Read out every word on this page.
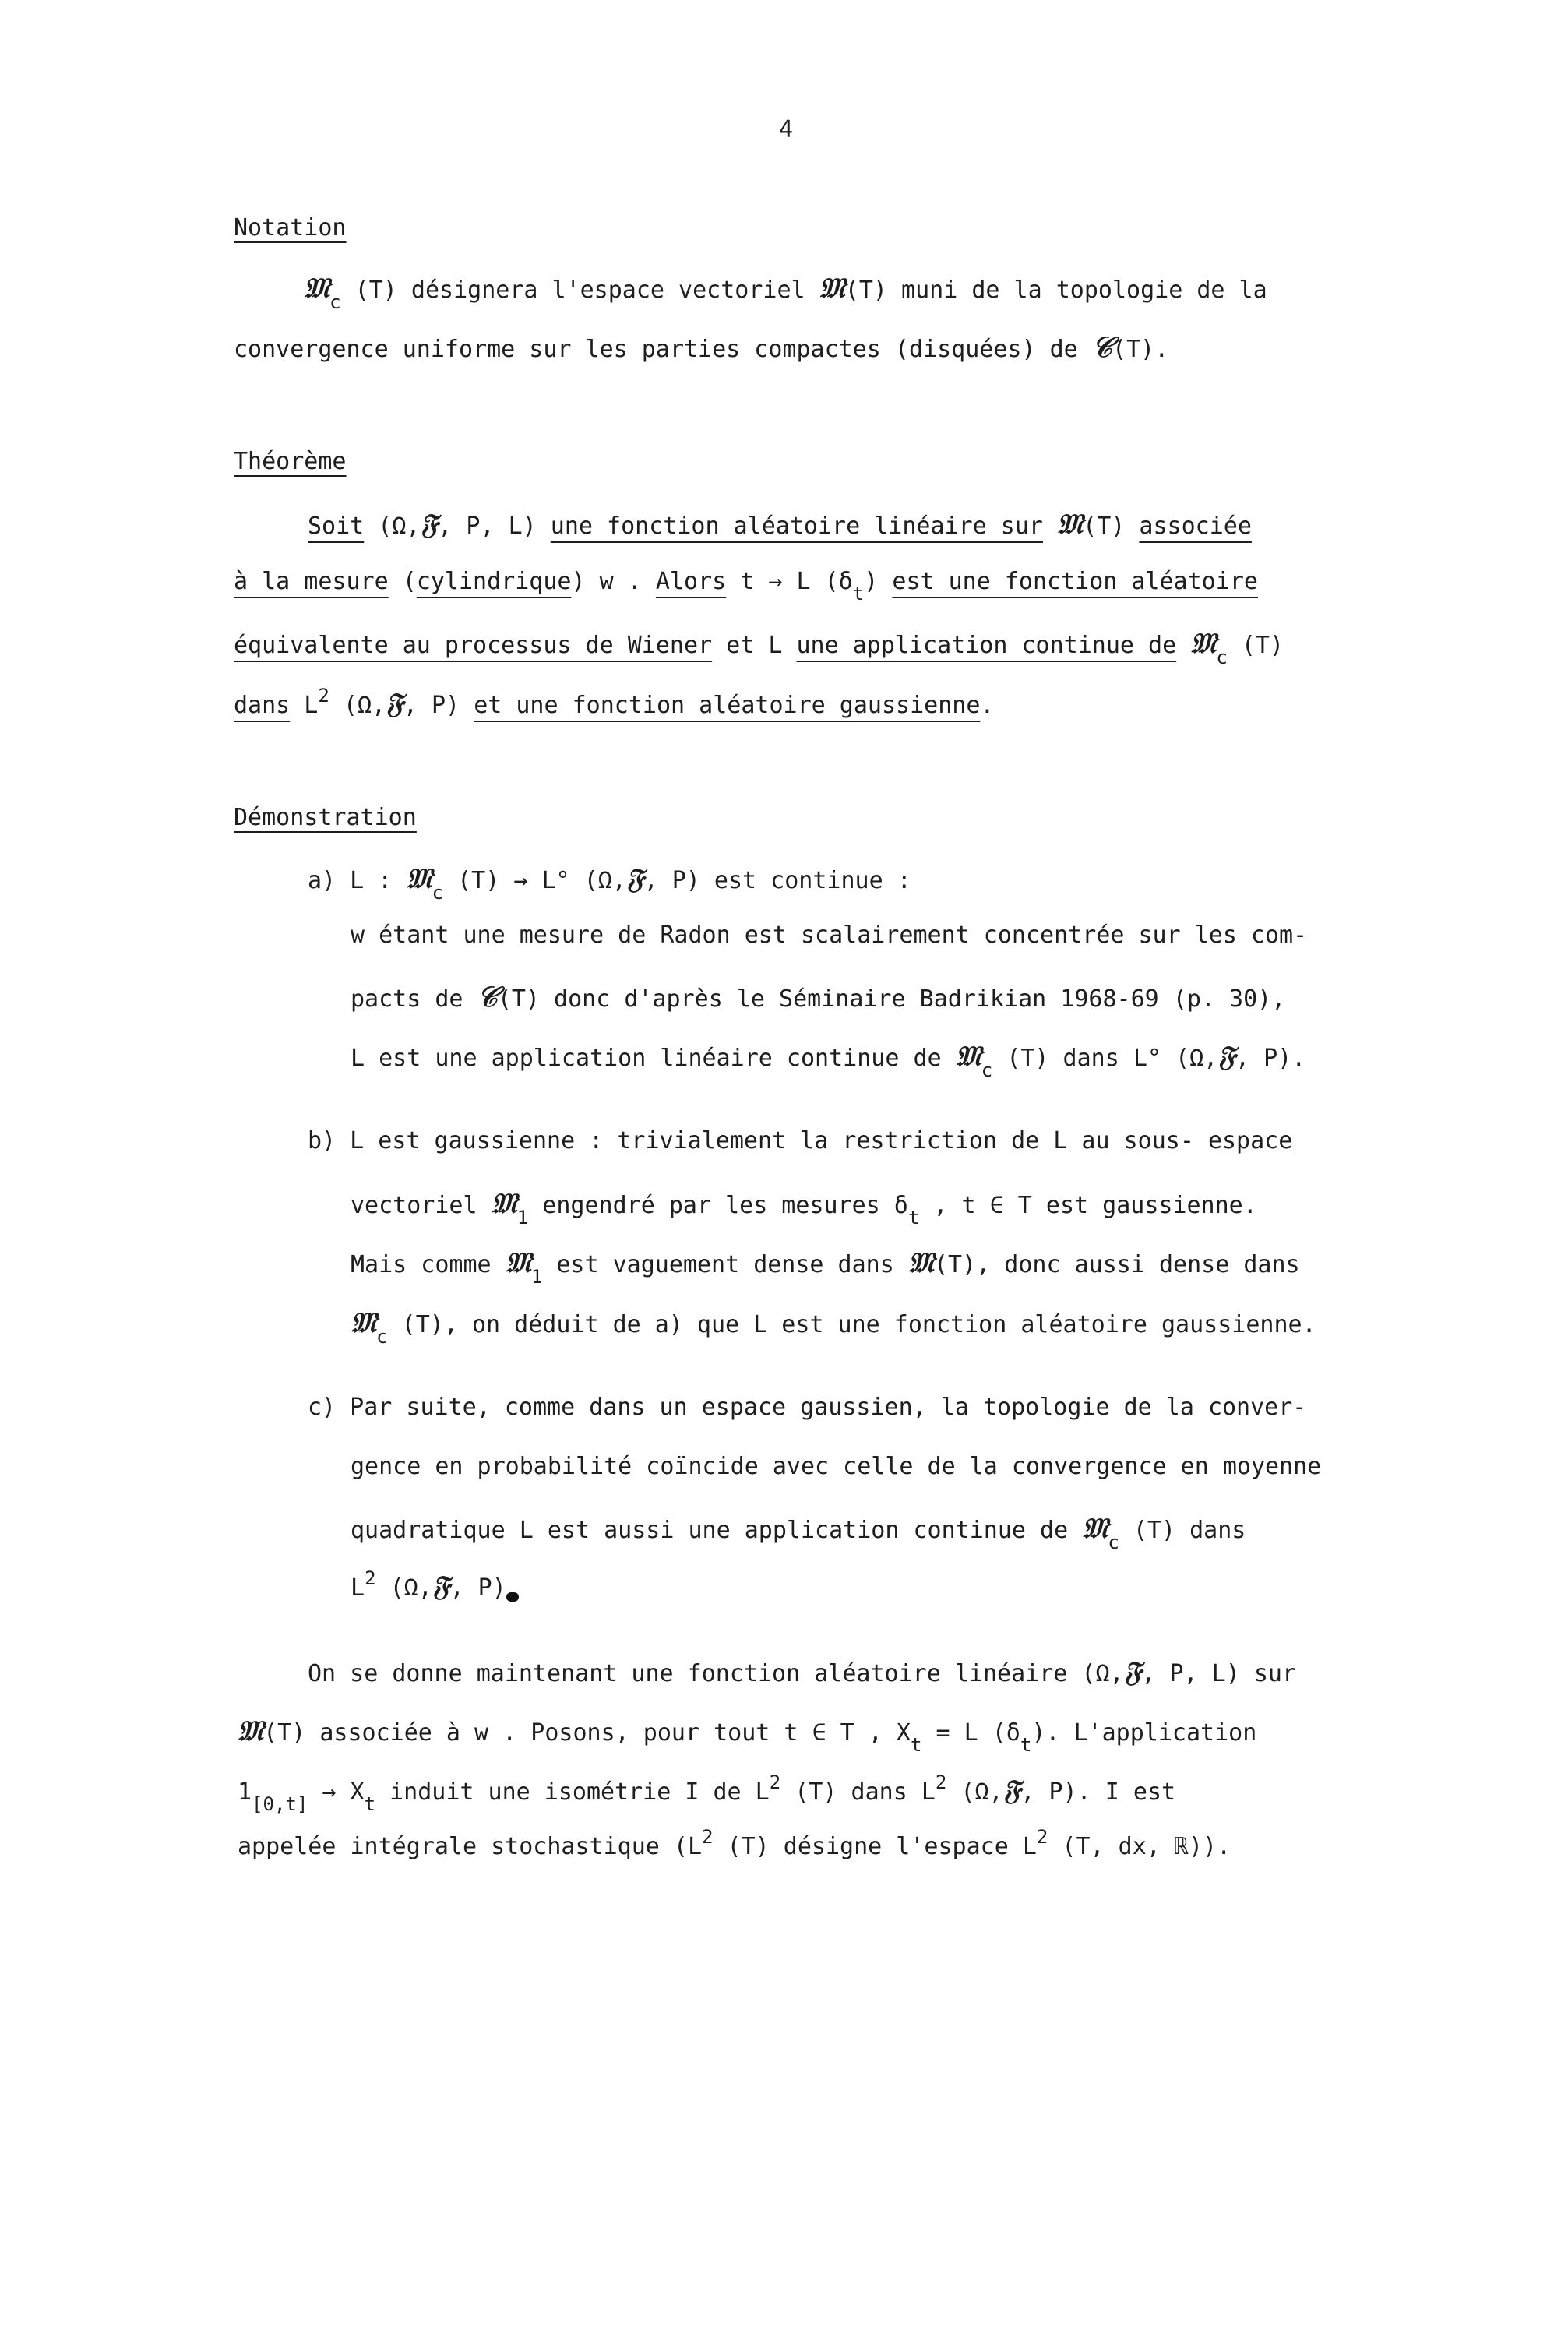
4
Notation
𝔐$_c$ (T) désignera l'espace vectoriel 𝔐(T) muni de la topologie de la
convergence uniforme sur les parties compactes (disquées) de 𝒞(T).
Théorème
Soit (Ω,𝔉, P, L) une fonction aléatoire linéaire sur 𝔐(T) associée
à la mesure (cylindrique) w . Alors t → L $(\delta_t)$ est une fonction aléatoire
équivalente au processus de Wiener et L une application continue de 𝔐$_c$ (T)
dans $L^2$ (Ω,𝔉, P) et une fonction aléatoire gaussienne.
Démonstration
a) L : 𝔐$_c$ (T) → L° (Ω,𝔉, P) est continue :
w étant une mesure de Radon est scalairement concentrée sur les com-
pacts de 𝒞(T) donc d'après le Séminaire Badrikian 1968-69 (p. 30),
L est une application linéaire continue de 𝔐$_c$ (T) dans L° (Ω,𝔉, P).
b) L est gaussienne : trivialement la restriction de L au sous- espace
vectoriel 𝔐$_1$ engendré par les mesures $\delta_t$ , t ∈ T est gaussienne.
Mais comme 𝔐$_1$ est vaguement dense dans 𝔐(T), donc aussi dense dans
𝔐$_c$ (T), on déduit de a) que L est une fonction aléatoire gaussienne.
c) Par suite, comme dans un espace gaussien, la topologie de la conver-
gence en probabilité coïncide avec celle de la convergence en moyenne
quadratique L est aussi une application continue de 𝔐$_c$ (T) dans
$L^2$ (Ω,𝔉, P)
On se donne maintenant une fonction aléatoire linéaire (Ω,𝔉, P, L) sur
𝔐(T) associée à w . Posons, pour tout t ∈ T , $X_t = L$ $(\delta_t)$. L'application
$1_{[0,t]} \to X_t$ induit une isométrie I de $L^2$ (T) dans $L^2$ (Ω,𝔉, P). I est
appelée intégrale stochastique ($L^2$ (T) désigne l'espace $L^2$ (T, dx, ℝ)).
